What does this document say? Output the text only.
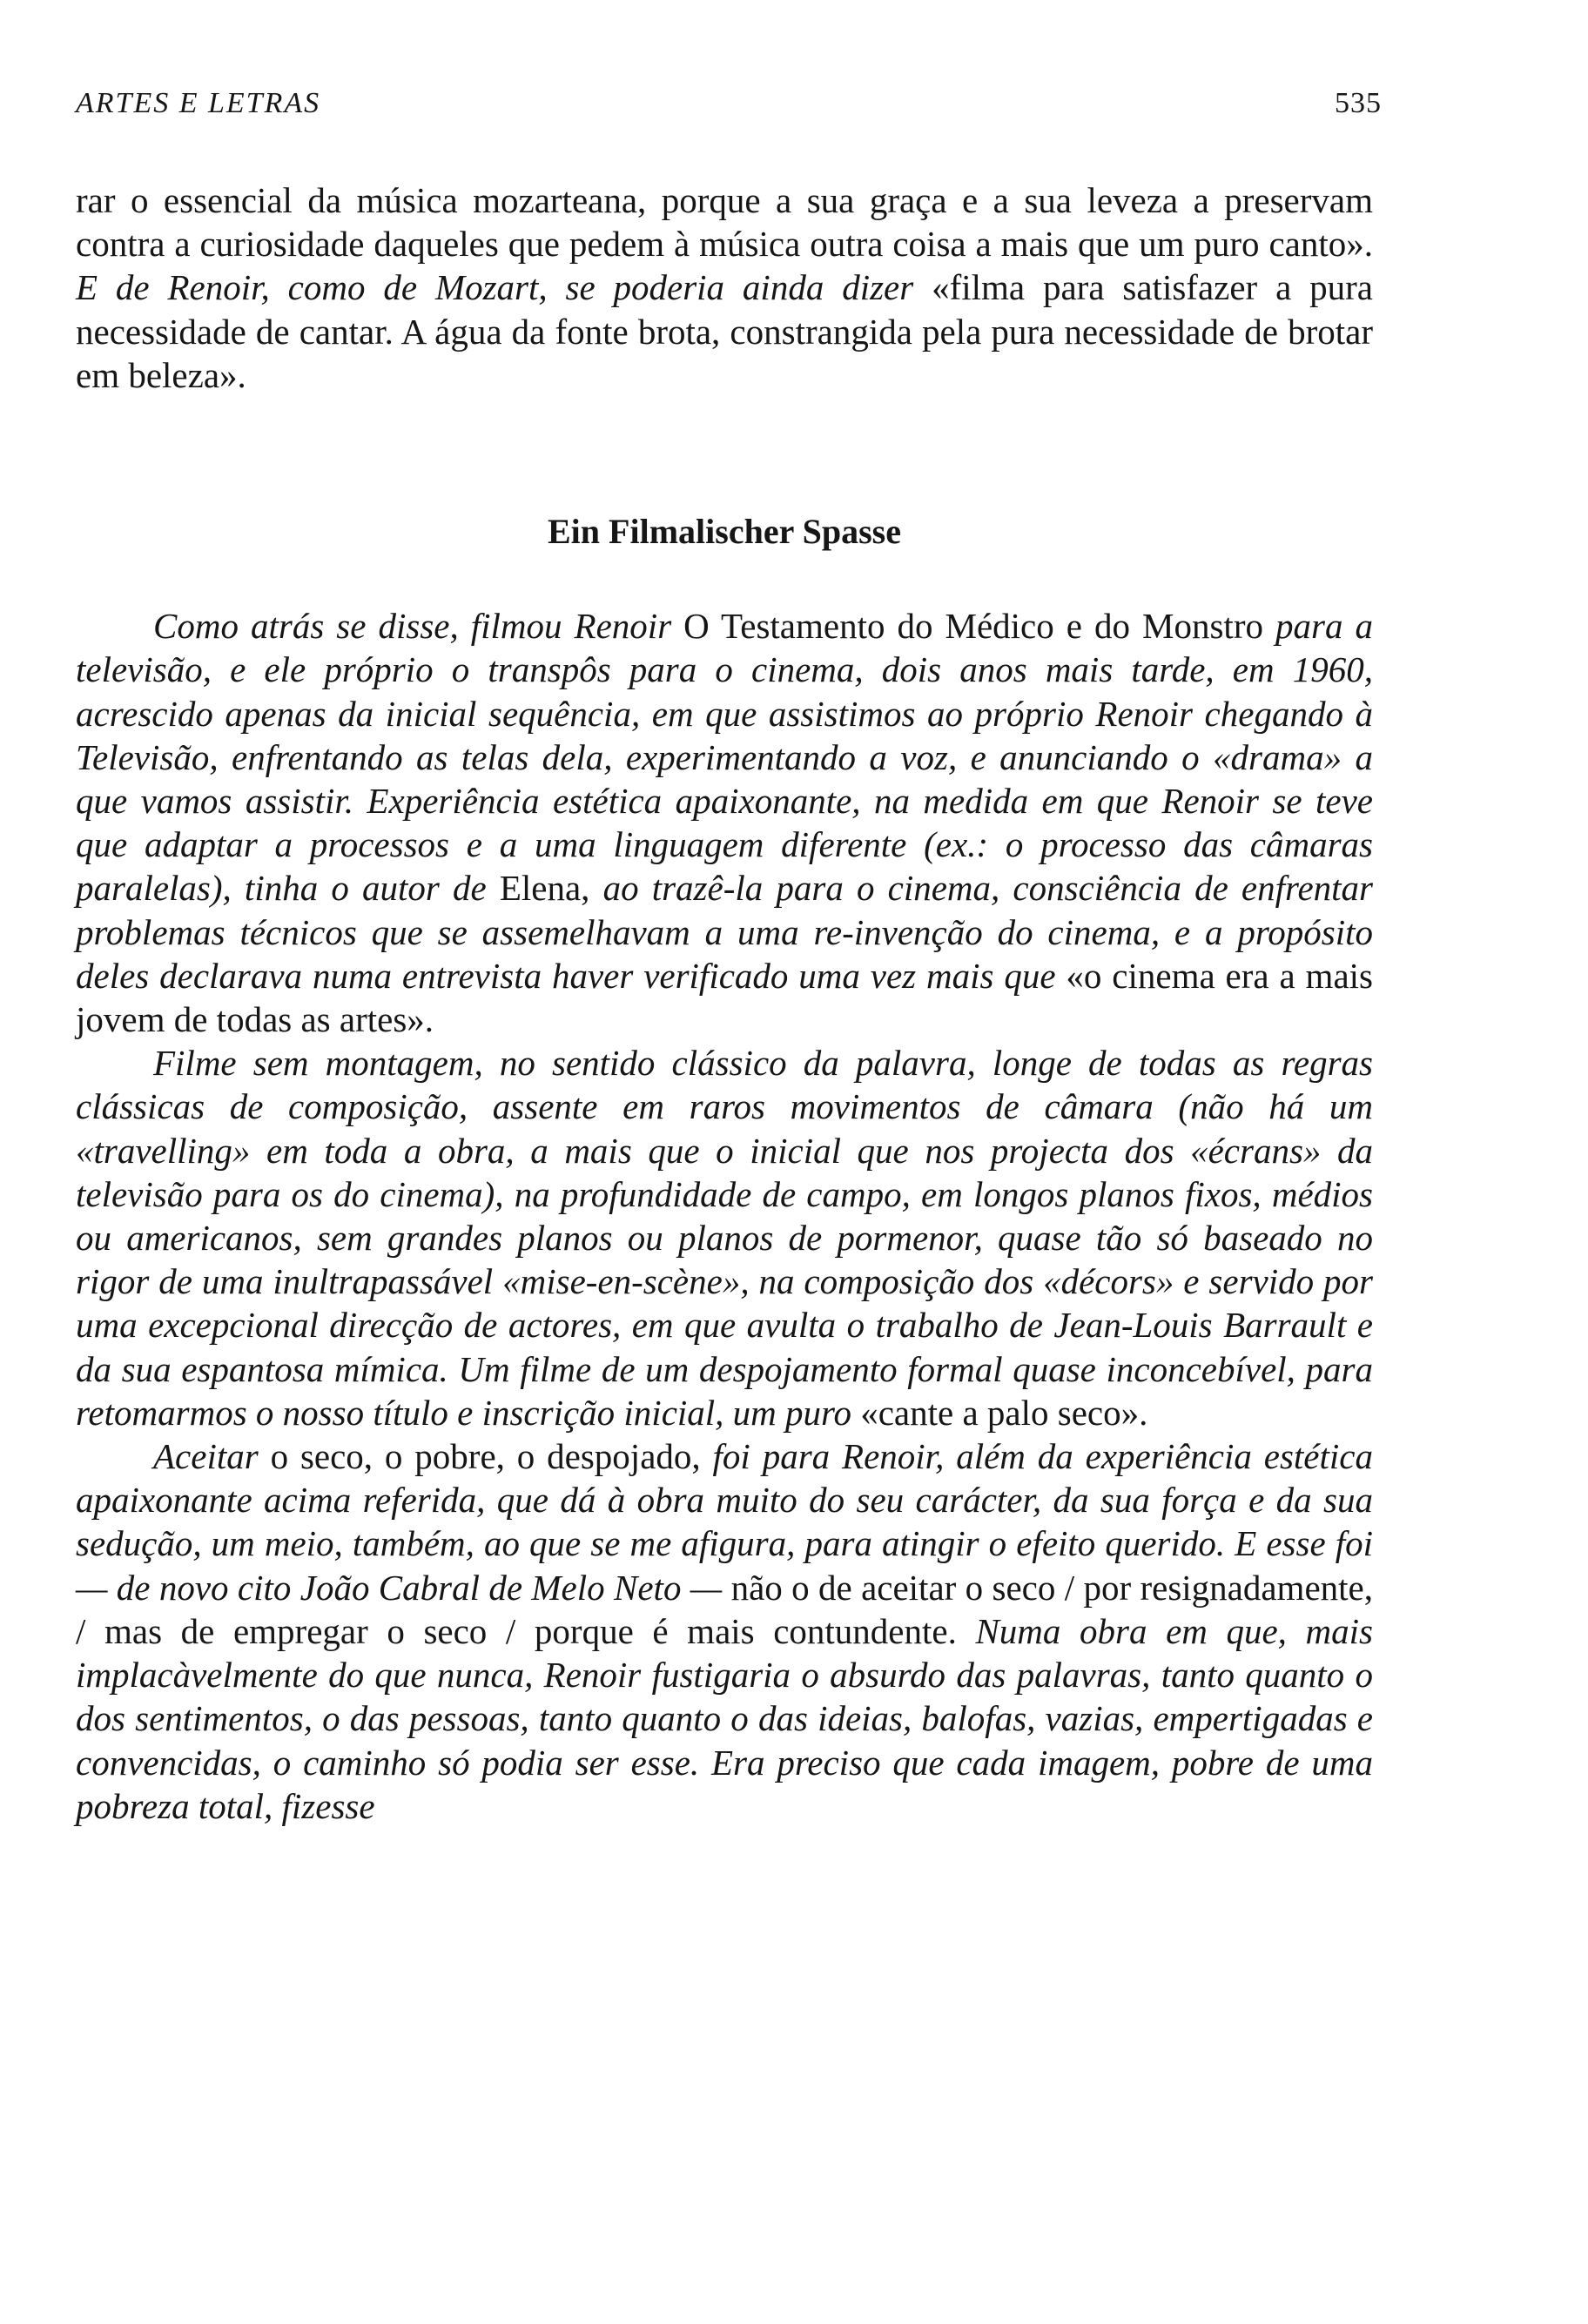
ARTES E LETRAS	535

rar o essencial da música mozarteana, porque a sua graça e a sua leveza a preservam contra a curiosidade daqueles que pedem à música outra coisa a mais que um puro canto». E de Renoir, como de Mozart, se poderia ainda dizer «filma para satisfazer a pura necessidade de cantar. A água da fonte brota, constrangida pela pura necessidade de brotar em beleza».

Ein Filmalischer Spasse

Como atrás se disse, filmou Renoir O Testamento do Médico e do Monstro para a televisão, e ele próprio o transpôs para o cinema, dois anos mais tarde, em 1960, acrescido apenas da inicial sequência, em que assistimos ao próprio Renoir chegando à Televisão, enfrentando as telas dela, experimentando a voz, e anunciando o «drama» a que vamos assistir. Experiência estética apaixonante, na medida em que Renoir se teve que adaptar a processos e a uma linguagem diferente (ex.: o processo das câmaras paralelas), tinha o autor de Elena, ao trazê-la para o cinema, consciência de enfrentar problemas técnicos que se assemelhavam a uma re-invenção do cinema, e a propósito deles declarava numa entrevista haver verificado uma vez mais que «o cinema era a mais jovem de todas as artes».

Filme sem montagem, no sentido clássico da palavra, longe de todas as regras clássicas de composição, assente em raros movimentos de câmara (não há um «travelling» em toda a obra, a mais que o inicial que nos projecta dos «écrans» da televisão para os do cinema), na profundidade de campo, em longos planos fixos, médios ou americanos, sem grandes planos ou planos de pormenor, quase tão só baseado no rigor de uma inultrapassável «mise-en-scène», na composição dos «décors» e servido por uma excepcional direcção de actores, em que avulta o trabalho de Jean-Louis Barrault e da sua espantosa mímica. Um filme de um despojamento formal quase inconcebível, para retomarmos o nosso título e inscrição inicial, um puro «cante a palo seco».

Aceitar o seco, o pobre, o despojado, foi para Renoir, além da experiência estética apaixonante acima referida, que dá à obra muito do seu carácter, da sua força e da sua sedução, um meio, também, ao que se me afigura, para atingir o efeito querido. E esse foi — de novo cito João Cabral de Melo Neto — não o de aceitar o seco / por resignadamente, / mas de empregar o seco / porque é mais contundente. Numa obra em que, mais implacàvelmente do que nunca, Renoir fustigaria o absurdo das palavras, tanto quanto o dos sentimentos, o das pessoas, tanto quanto o das ideias, balofas, vazias, empertigadas e convencidas, o caminho só podia ser esse. Era preciso que cada imagem, pobre de uma pobreza total, fizesse
